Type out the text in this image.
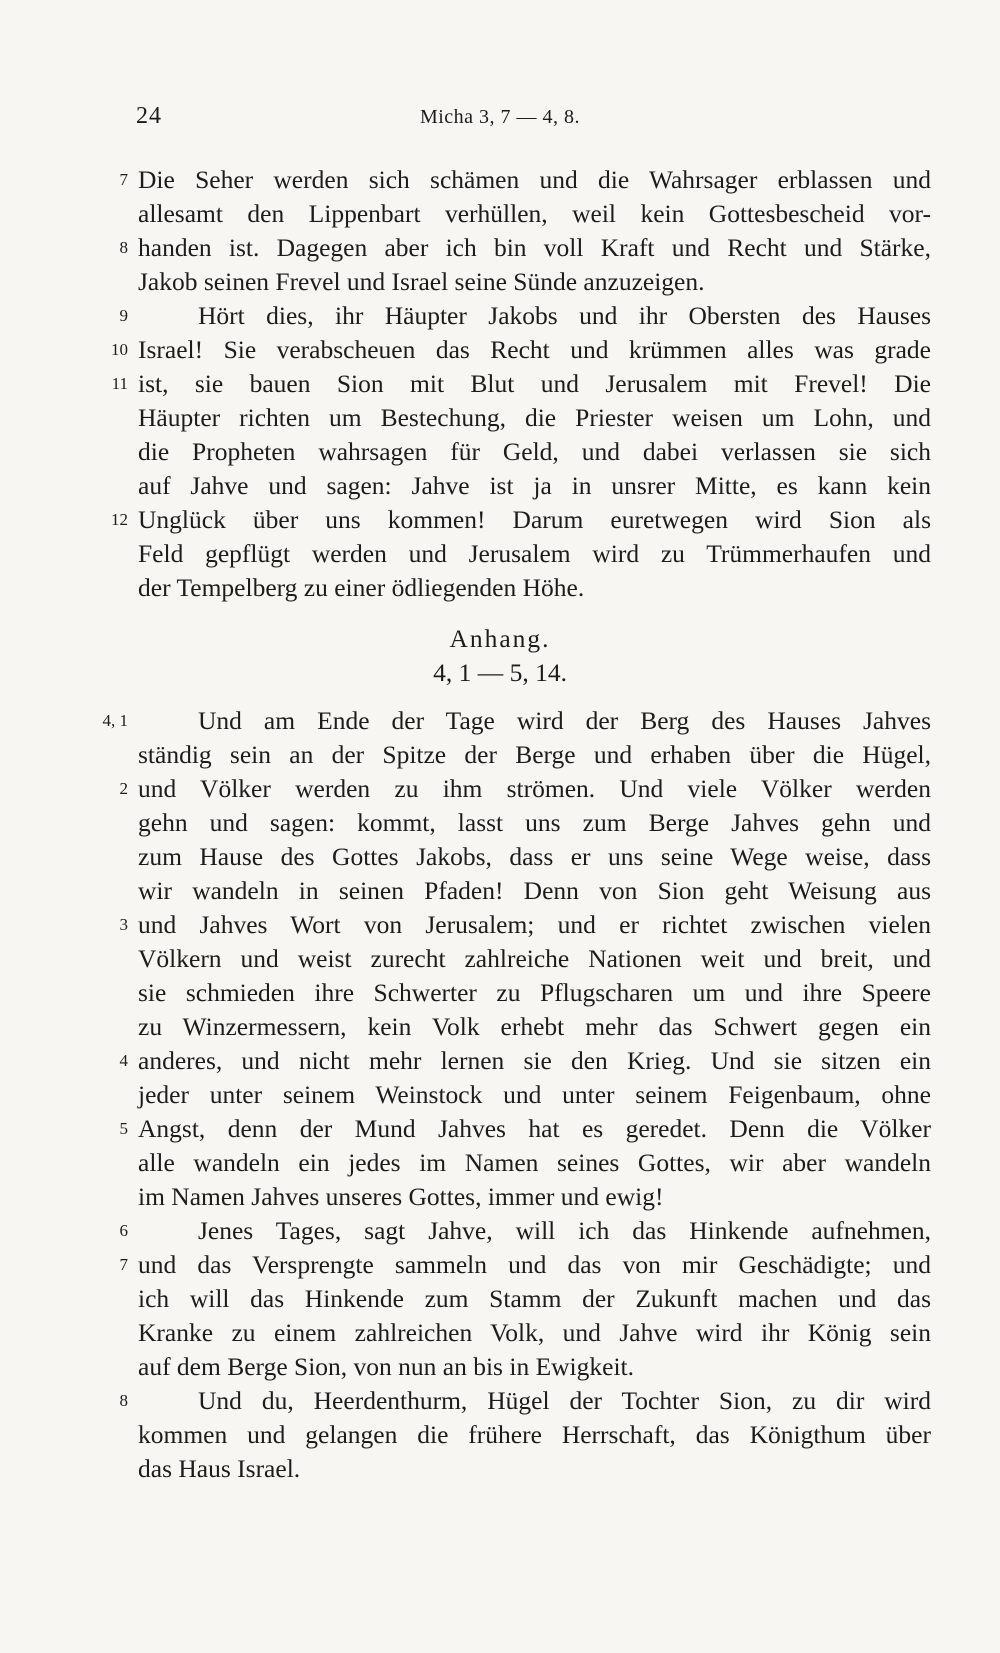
24	Micha 3, 7 — 4, 8.
7 Die Seher werden sich schämen und die Wahrsager erblassen und
allesamt den Lippenbart verhüllen, weil kein Gottesbescheid vor-
8 handen ist. Dagegen aber ich bin voll Kraft und Recht und Stärke,
Jakob seinen Frevel und Israel seine Sünde anzuzeigen.
9	Hört dies, ihr Häupter Jakobs und ihr Obersten des Hauses
10 Israel! Sie verabscheuen das Recht und krümmen alles was grade
11 ist, sie bauen Sion mit Blut und Jerusalem mit Frevel! Die
Häupter richten um Bestechung, die Priester weisen um Lohn, und
die Propheten wahrsagen für Geld, und dabei verlassen sie sich
auf Jahve und sagen: Jahve ist ja in unsrer Mitte, es kann kein
12 Unglück über uns kommen! Darum euretwegen wird Sion als
Feld gepflügt werden und Jerusalem wird zu Trümmerhaufen und
der Tempelberg zu einer ödliegenden Höhe.
Anhang.
4, 1 — 5, 14.
4, 1	Und am Ende der Tage wird der Berg des Hauses Jahves
ständig sein an der Spitze der Berge und erhaben über die Hügel,
2 und Völker werden zu ihm strömen. Und viele Völker werden
gehn und sagen: kommt, lasst uns zum Berge Jahves gehn und
zum Hause des Gottes Jakobs, dass er uns seine Wege weise, dass
wir wandeln in seinen Pfaden! Denn von Sion geht Weisung aus
3 und Jahves Wort von Jerusalem; und er richtet zwischen vielen
Völkern und weist zurecht zahlreiche Nationen weit und breit, und
sie schmieden ihre Schwerter zu Pflugscharen um und ihre Speere
zu Winzermessern, kein Volk erhebt mehr das Schwert gegen ein
4 anderes, und nicht mehr lernen sie den Krieg. Und sie sitzen ein
jeder unter seinem Weinstock und unter seinem Feigenbaum, ohne
5 Angst, denn der Mund Jahves hat es geredet. Denn die Völker
alle wandeln ein jedes im Namen seines Gottes, wir aber wandeln
im Namen Jahves unseres Gottes, immer und ewig!
6	Jenes Tages, sagt Jahve, will ich das Hinkende aufnehmen,
7 und das Versprengte sammeln und das von mir Geschädigte; und
ich will das Hinkende zum Stamm der Zukunft machen und das
Kranke zu einem zahlreichen Volk, und Jahve wird ihr König sein
auf dem Berge Sion, von nun an bis in Ewigkeit.
8	Und du, Heerdenthurm, Hügel der Tochter Sion, zu dir wird
kommen und gelangen die frühere Herrschaft, das Königthum über
das Haus Israel.
